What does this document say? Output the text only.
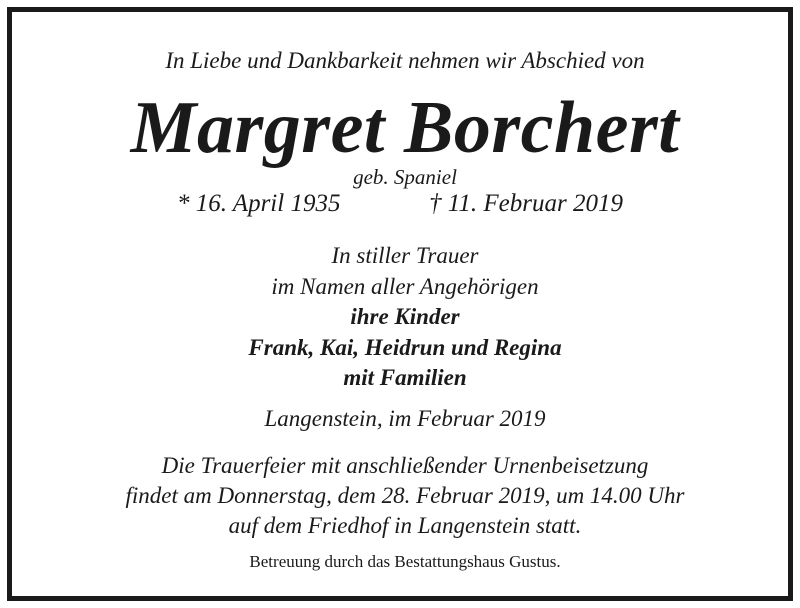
In Liebe und Dankbarkeit nehmen wir Abschied von
Margret Borchert
geb. Spaniel
* 16. April 1935	† 11. Februar 2019
In stiller Trauer
im Namen aller Angehörigen
ihre Kinder
Frank, Kai, Heidrun und Regina
mit Familien
Langenstein, im Februar 2019
Die Trauerfeier mit anschließender Urnenbeisetzung
findet am Donnerstag, dem 28. Februar 2019, um 14.00 Uhr
auf dem Friedhof in Langenstein statt.
Betreuung durch das Bestattungshaus Gustus.
